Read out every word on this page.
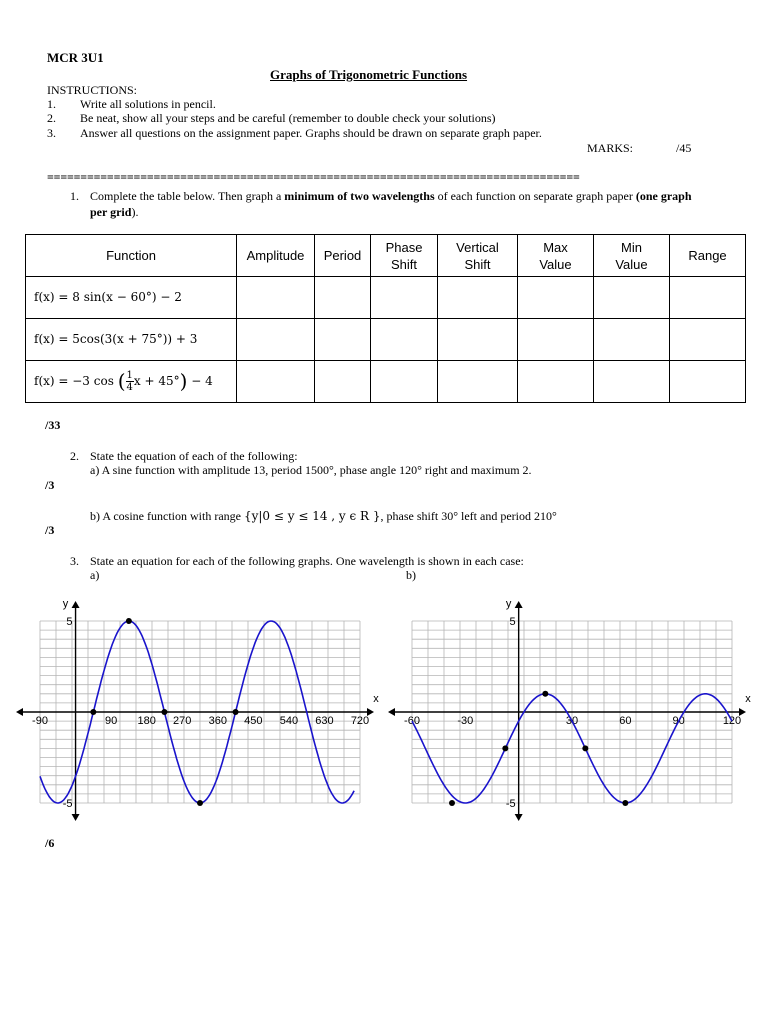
MCR 3U1
Graphs of Trigonometric Functions
INSTRUCTIONS:
1. Write all solutions in pencil.
2. Be neat, show all your steps and be careful (remember to double check your solutions)
3. Answer all questions on the assignment paper. Graphs should be drawn on separate graph paper.
MARKS:	/45
================================================================================
1. Complete the table below. Then graph a minimum of two wavelengths of each function on separate graph paper (one graph
per grid).
Function	Amplitude	Period	Phase Shift	Vertical Shift	Max Value	Min Value	Range
f(x) = 8 sin(x − 60°) − 2							
f(x) = 5cos(3(x + 75°)) + 3							
f(x) = −3 cos ( $\frac{1}{4}$ x + 45°) − 4							
/33
2. State the equation of each of the following:
a) A sine function with amplitude 13, period 1500°, phase angle 120° right and maximum 2.
/3
b) A cosine function with range {y|0 ≤ y ≤ 14 , y ϵ R }, phase shift 30° left and period 210°
/3
3. State an equation for each of the following graphs. One wavelength is shown in each case:
a)	b)
x
y
-90	90 180 270 360 450 540 630 720
5
-5
x
y
-60	-30	30	60	90	120
5
-5
/6
